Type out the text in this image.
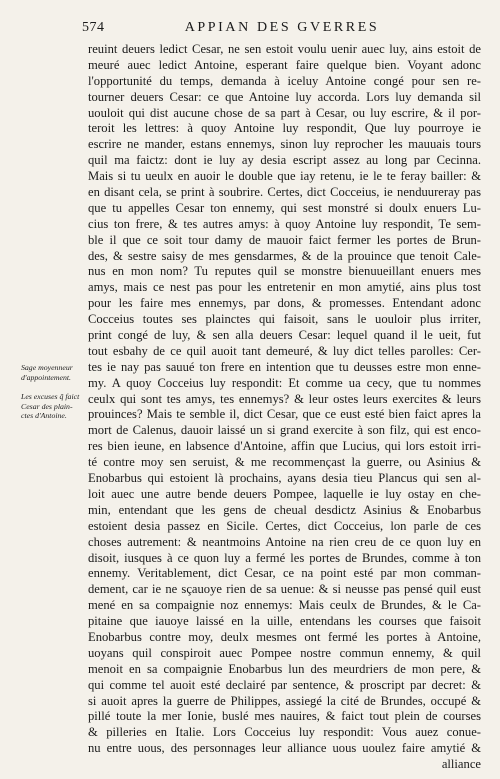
574	APPIAN DES GVERRES
Sage moyenneur
d'appointement.
Les excuses q̃ faict
Cesar des plain-
ctes d'Antoine.
reuint deuers ledict Cesar, ne sen estoit voulu uenir auec luy, ains estoit de
meuré auec ledict Antoine, esperant faire quelque bien. Voyant adonc
l'opportunité du temps, demanda à iceluy Antoine congé pour sen re-
tourner deuers Cesar: ce que Antoine luy accorda. Lors luy demanda sil
uouloit qui dist aucune chose de sa part à Cesar, ou luy escrire, & il por-
teroit les lettres: à quoy Antoine luy respondit, Que luy pourroye ie
escrire ne mander, estans ennemys, sinon luy reprocher les mauuais tours
quil ma faictz: dont ie luy ay desia escript assez au long par Cecinna.
Mais si tu ueulx en auoir le double que iay retenu, ie le te feray bailler: &
en disant cela, se print à soubrire. Certes, dict Cocceius, ie nenduureray pas
que tu appelles Cesar ton ennemy, qui sest monstré si doulx enuers Lu-
cius ton frere, & tes autres amys: à quoy Antoine luy respondit, Te sem-
ble il que ce soit tour damy de mauoir faict fermer les portes de Brun-
des, & sestre saisy de mes gensdarmes, & de la prouince que tenoit Cale-
nus en mon nom? Tu reputes quil se monstre bienuueillant enuers mes
amys, mais ce nest pas pour les entretenir en mon amytié, ains plus tost
pour les faire mes ennemys, par dons, & promesses. Entendant adonc
Cocceius toutes ses plainctes qui faisoit, sans le uouloir plus irriter,
print congé de luy, & sen alla deuers Cesar: lequel quand il le ueit, fut
tout esbahy de ce quil auoit tant demeuré, & luy dict telles parolles: Cer-
tes ie nay pas sauué ton frere en intention que tu deusses estre mon enne-
my. A quoy Cocceius luy respondit: Et comme ua cecy, que tu nommes
ceulx qui sont tes amys, tes ennemys? & leur ostes leurs exercites & leurs
prouinces? Mais te semble il, dict Cesar, que ce eust esté bien faict apres la
mort de Calenus, dauoir laissé un si grand exercite à son filz, qui est enco-
res bien ieune, en labsence d'Antoine, affin que Lucius, qui lors estoit irri-
té contre moy sen seruist, & me recommençast la guerre, ou Asinius &
Enobarbus qui estoient là prochains, ayans desia tieu Plancus qui sen al-
loit auec une autre bende deuers Pompee, laquelle ie luy ostay en che-
min, entendant que les gens de cheual desdictz Asinius & Enobarbus
estoient desia passez en Sicile. Certes, dict Cocceius, lon parle de ces
choses autrement: & neantmoins Antoine na rien creu de ce quon luy en
disoit, iusques à ce quon luy a fermé les portes de Brundes, comme à ton
ennemy. Veritablement, dict Cesar, ce na point esté par mon comman-
dement, car ie ne sçauoye rien de sa uenue: & si neusse pas pensé quil eust
mené en sa compaignie noz ennemys: Mais ceulx de Brundes, & le Ca-
pitaine que iauoye laissé en la uille, entendans les courses que faisoit
Enobarbus contre moy, deulx mesmes ont fermé les portes à Antoine,
uoyans quil conspiroit auec Pompee nostre commun ennemy, & quil
menoit en sa compaignie Enobarbus lun des meurdriers de mon pere, &
qui comme tel auoit esté declairé par sentence, & proscript par decret: &
si auoit apres la guerre de Philippes, assiegé la cité de Brundes, occupé &
pillé toute la mer Ionie, buslé mes nauires, & faict tout plein de courses
& pilleries en Italie. Lors Cocceius luy respondit: Vous auez conue-
nu entre uous, des personnages leur alliance uous uoulez faire amytié &
alliance
